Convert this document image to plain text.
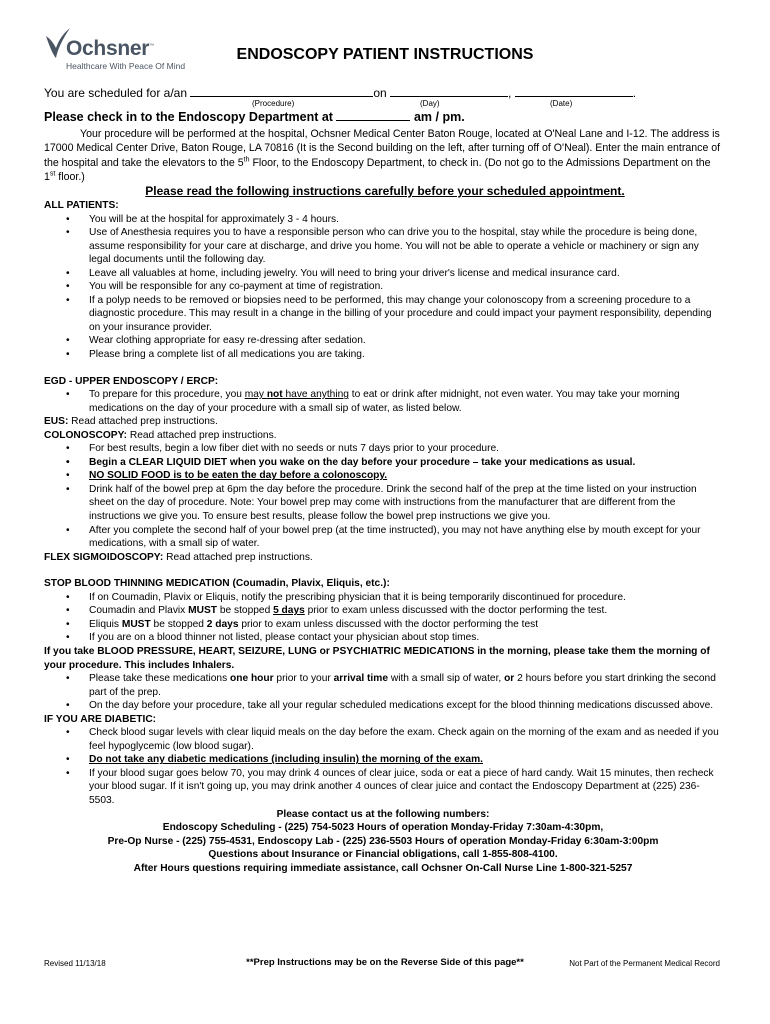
Ochsner™
Healthcare With Peace Of Mind
ENDOSCOPY PATIENT INSTRUCTIONS
You are scheduled for a/an	on	,	.
(Procedure)	(Day)	(Date)
Please check in to the Endoscopy Department at	am / pm.
Your procedure will be performed at the hospital, Ochsner Medical Center Baton Rouge, located at O'Neal Lane and I-12. The address is 17000 Medical Center Drive, Baton Rouge, LA 70816 (It is the Second building on the left, after turning off of O'Neal). Enter the main entrance of the hospital and take the elevators to the 5th Floor, to the Endoscopy Department, to check in. (Do not go to the Admissions Department on the 1st floor.)
Please read the following instructions carefully before your scheduled appointment.
ALL PATIENTS:
• You will be at the hospital for approximately 3 - 4 hours.
• Use of Anesthesia requires you to have a responsible person who can drive you to the hospital, stay while the procedure is being done, assume responsibility for your care at discharge, and drive you home. You will not be able to operate a vehicle or machinery or sign any legal documents until the following day.
• Leave all valuables at home, including jewelry. You will need to bring your driver's license and medical insurance card.
• You will be responsible for any co-payment at time of registration.
• If a polyp needs to be removed or biopsies need to be performed, this may change your colonoscopy from a screening procedure to a diagnostic procedure. This may result in a change in the billing of your procedure and could impact your payment responsibility, depending on your insurance provider.
• Wear clothing appropriate for easy re-dressing after sedation.
• Please bring a complete list of all medications you are taking.
EGD - UPPER ENDOSCOPY / ERCP:
• To prepare for this procedure, you may not have anything to eat or drink after midnight, not even water. You may take your morning medications on the day of your procedure with a small sip of water, as listed below.
EUS: Read attached prep instructions.
COLONOSCOPY: Read attached prep instructions.
• For best results, begin a low fiber diet with no seeds or nuts 7 days prior to your procedure.
• Begin a CLEAR LIQUID DIET when you wake on the day before your procedure – take your medications as usual.
• NO SOLID FOOD is to be eaten the day before a colonoscopy.
• Drink half of the bowel prep at 6pm the day before the procedure. Drink the second half of the prep at the time listed on your instruction sheet on the day of procedure. Note: Your bowel prep may come with instructions from the manufacturer that are different from the instructions we give you. To ensure best results, please follow the bowel prep instructions we give you.
• After you complete the second half of your bowel prep (at the time instructed), you may not have anything else by mouth except for your medications, with a small sip of water.
FLEX SIGMOIDOSCOPY: Read attached prep instructions.
STOP BLOOD THINNING MEDICATION (Coumadin, Plavix, Eliquis, etc.):
• If on Coumadin, Plavix or Eliquis, notify the prescribing physician that it is being temporarily discontinued for procedure.
• Coumadin and Plavix MUST be stopped 5 days prior to exam unless discussed with the doctor performing the test.
• Eliquis MUST be stopped 2 days prior to exam unless discussed with the doctor performing the test
• If you are on a blood thinner not listed, please contact your physician about stop times.
If you take BLOOD PRESSURE, HEART, SEIZURE, LUNG or PSYCHIATRIC MEDICATIONS in the morning, please take them the morning of your procedure. This includes Inhalers.
• Please take these medications one hour prior to your arrival time with a small sip of water, or 2 hours before you start drinking the second part of the prep.
• On the day before your procedure, take all your regular scheduled medications except for the blood thinning medications discussed above.
IF YOU ARE DIABETIC:
• Check blood sugar levels with clear liquid meals on the day before the exam. Check again on the morning of the exam and as needed if you feel hypoglycemic (low blood sugar).
• Do not take any diabetic medications (including insulin) the morning of the exam.
• If your blood sugar goes below 70, you may drink 4 ounces of clear juice, soda or eat a piece of hard candy. Wait 15 minutes, then recheck your blood sugar. If it isn't going up, you may drink another 4 ounces of clear juice and contact the Endoscopy Department at (225) 236-5503.
Please contact us at the following numbers:
Endoscopy Scheduling - (225) 754-5023 Hours of operation Monday-Friday 7:30am-4:30pm,
Pre-Op Nurse - (225) 755-4531, Endoscopy Lab - (225) 236-5503 Hours of operation Monday-Friday 6:30am-3:00pm
Questions about Insurance or Financial obligations, call 1-855-808-4100.
After Hours questions requiring immediate assistance, call Ochsner On-Call Nurse Line 1-800-321-5257
Revised 11/13/18	**Prep Instructions may be on the Reverse Side of this page**	Not Part of the Permanent Medical Record
